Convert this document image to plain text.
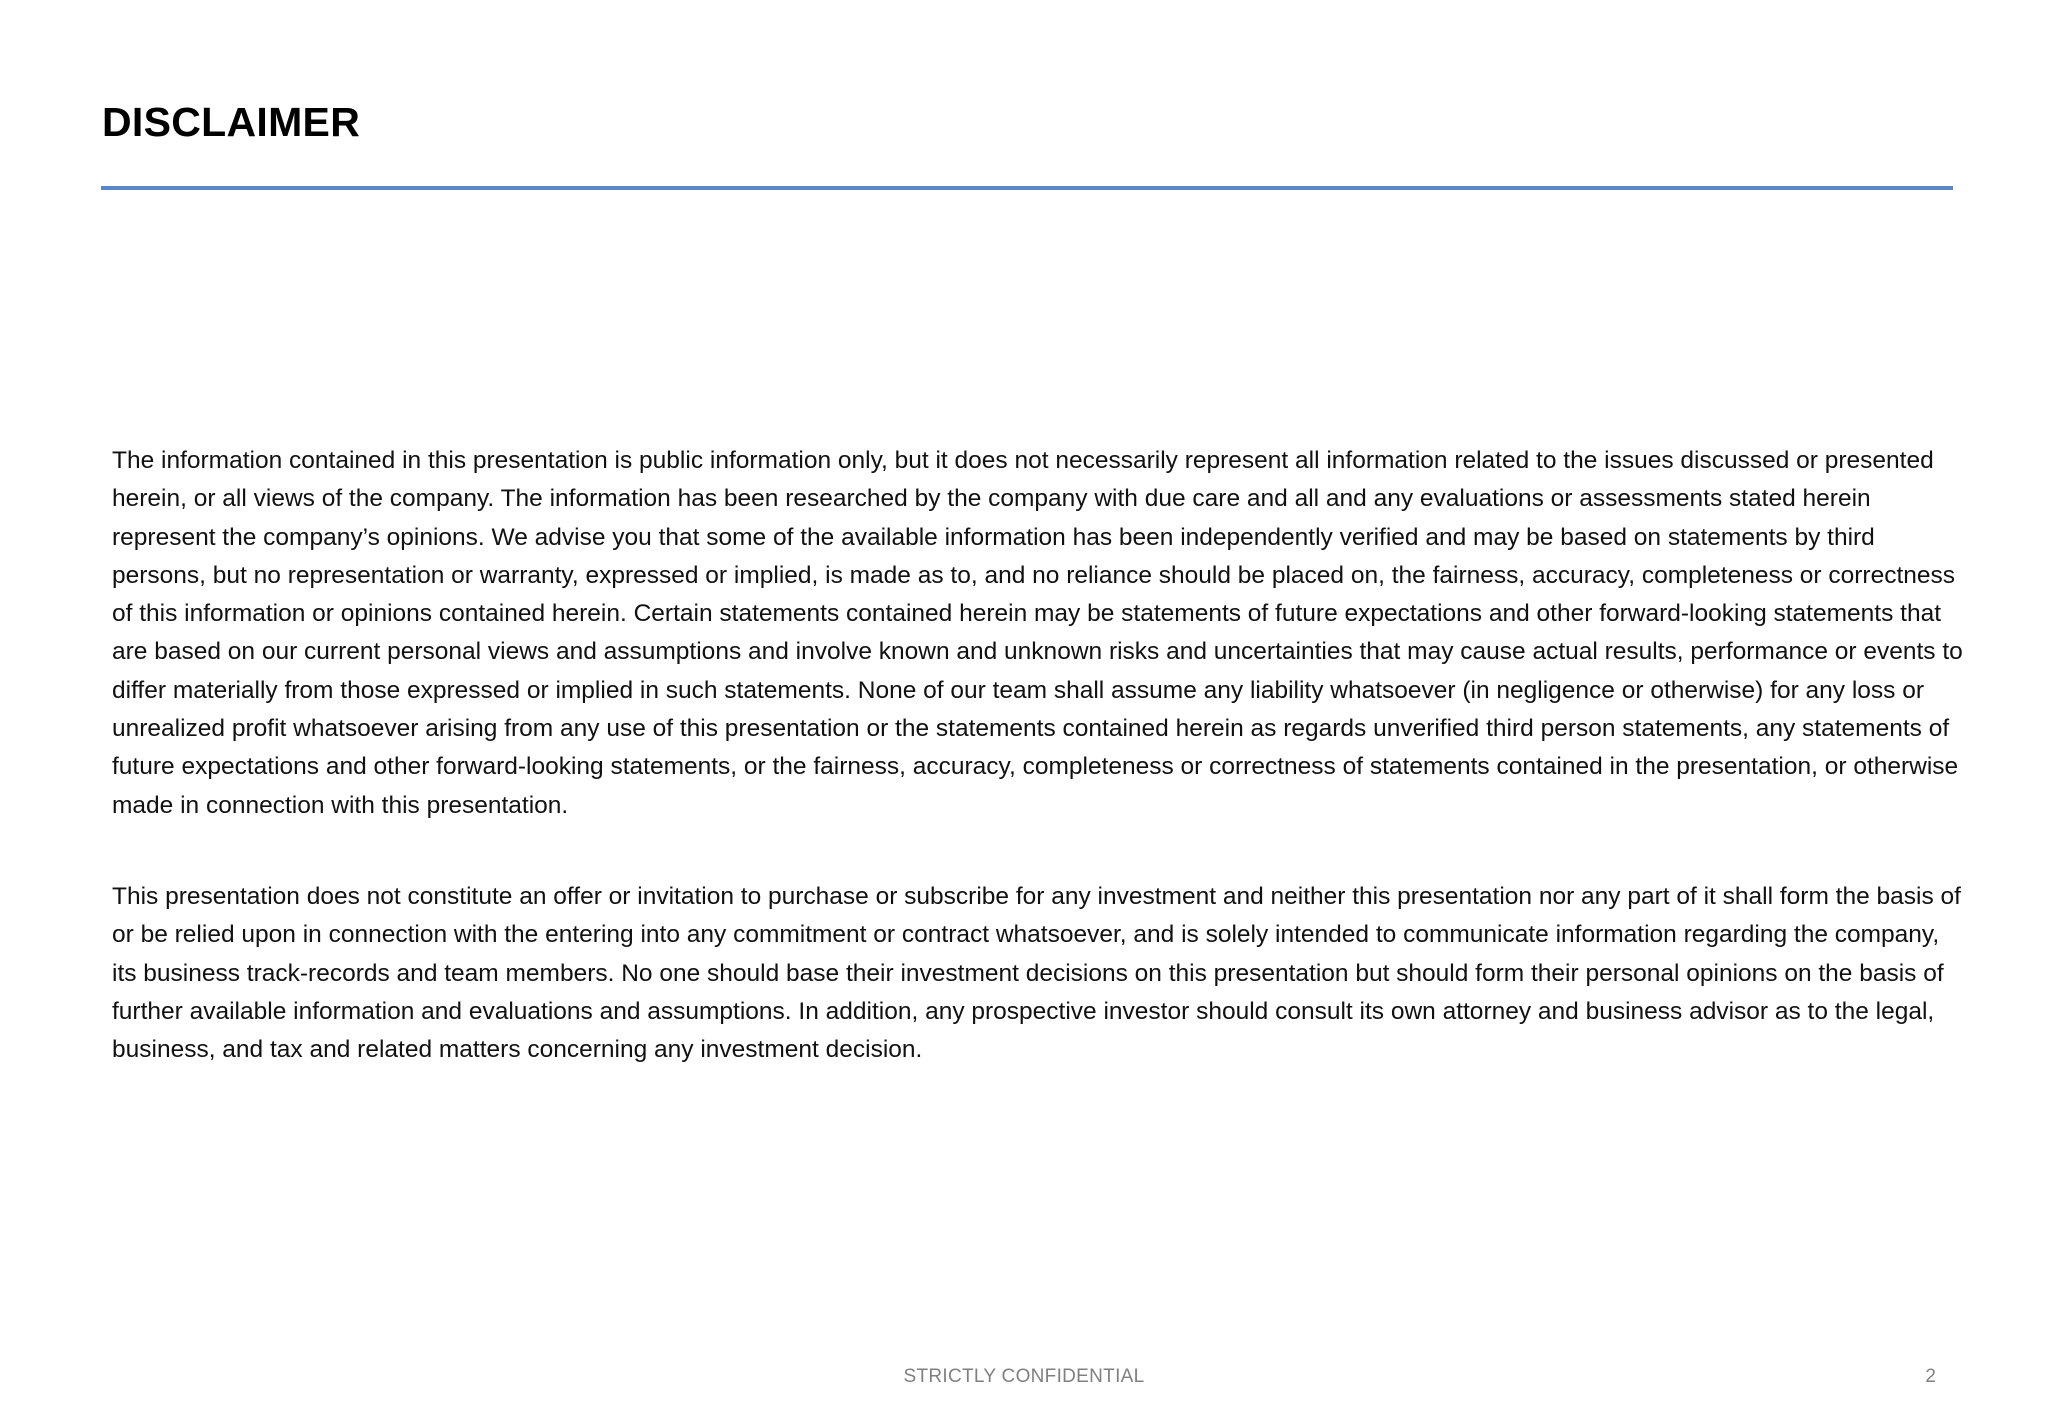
DISCLAIMER

The information contained in this presentation is public information only, but it does not necessarily represent all information related to the issues discussed or presented herein, or all views of the company. The information has been researched by the company with due care and all and any evaluations or assessments stated herein represent the company’s opinions. We advise you that some of the available information has been independently verified and may be based on statements by third persons, but no representation or warranty, expressed or implied, is made as to, and no reliance should be placed on, the fairness, accuracy, completeness or correctness of this information or opinions contained herein. Certain statements contained herein may be statements of future expectations and other forward-looking statements that are based on our current personal views and assumptions and involve known and unknown risks and uncertainties that may cause actual results, performance or events to differ materially from those expressed or implied in such statements. None of our team shall assume any liability whatsoever (in negligence or otherwise) for any loss or unrealized profit whatsoever arising from any use of this presentation or the statements contained herein as regards unverified third person statements, any statements of future expectations and other forward-looking statements, or the fairness, accuracy, completeness or correctness of statements contained in the presentation, or otherwise made in connection with this presentation.

This presentation does not constitute an offer or invitation to purchase or subscribe for any investment and neither this presentation nor any part of it shall form the basis of or be relied upon in connection with the entering into any commitment or contract whatsoever, and is solely intended to communicate information regarding the company, its business track-records and team members. No one should base their investment decisions on this presentation but should form their personal opinions on the basis of further available information and evaluations and assumptions. In addition, any prospective investor should consult its own attorney and business advisor as to the legal, business, and tax and related matters concerning any investment decision.

STRICTLY CONFIDENTIAL	2
